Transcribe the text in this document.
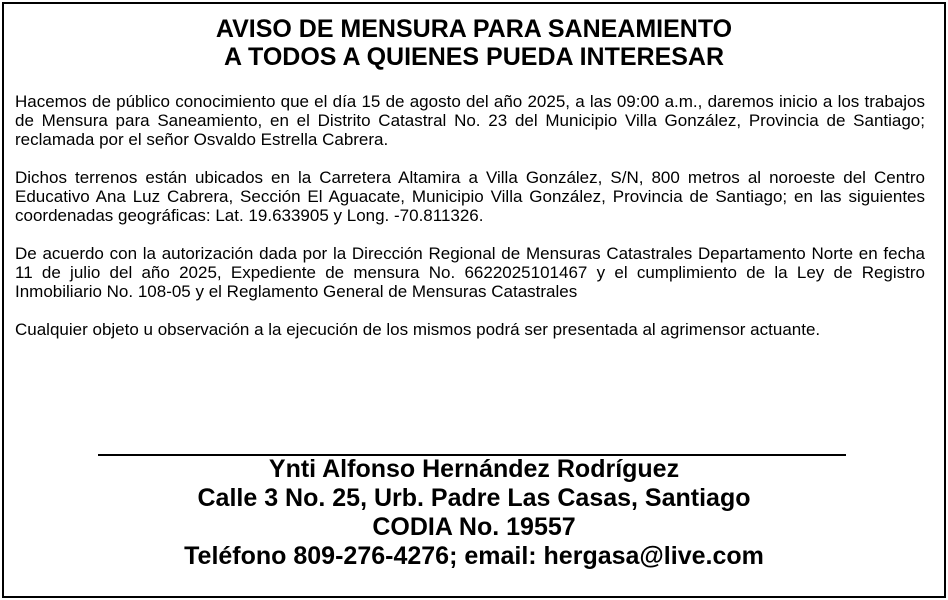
AVISO DE MENSURA PARA SANEAMIENTO
A TODOS A QUIENES PUEDA INTERESAR

Hacemos de público conocimiento que el día 15 de agosto del año 2025, a las 09:00 a.m., daremos inicio a los trabajos de Mensura para Saneamiento, en el Distrito Catastral No. 23 del Municipio Villa González, Provincia de Santiago; reclamada por el señor Osvaldo Estrella Cabrera.

Dichos terrenos están ubicados en la Carretera Altamira a Villa González, S/N, 800 metros al noroeste del Centro Educativo Ana Luz Cabrera, Sección El Aguacate, Municipio Villa González, Provincia de Santiago; en las siguientes coordenadas geográficas: Lat. 19.633905 y Long. -70.811326.

De acuerdo con la autorización dada por la Dirección Regional de Mensuras Catastrales Departamento Norte en fecha 11 de julio del año 2025, Expediente de mensura No. 6622025101467 y el cumplimiento de la Ley de Registro Inmobiliario No. 108-05 y el Reglamento General de Mensuras Catastrales

Cualquier objeto u observación a la ejecución de los mismos podrá ser presentada al agrimensor actuante.

Ynti Alfonso Hernández Rodríguez
Calle 3 No. 25, Urb. Padre Las Casas, Santiago
CODIA No. 19557
Teléfono 809-276-4276; email: hergasa@live.com
